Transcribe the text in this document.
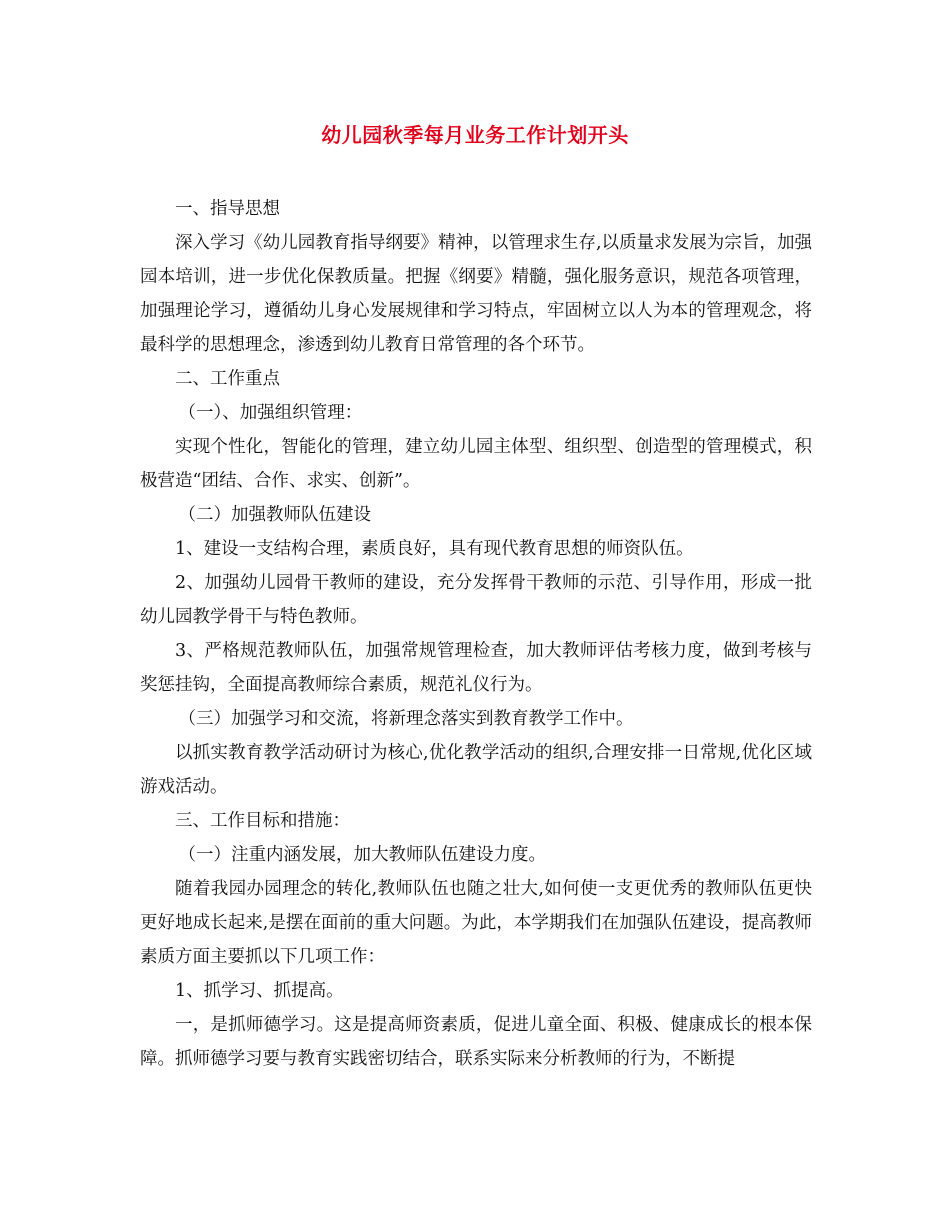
幼儿园秋季每月业务工作计划开头

一、指导思想

深入学习《幼儿园教育指导纲要》精神，以管理求生存,以质量求发展为宗旨，加强园本培训，进一步优化保教质量。把握《纲要》精髓，强化服务意识，规范各项管理，加强理论学习，遵循幼儿身心发展规律和学习特点，牢固树立以人为本的管理观念，将最科学的思想理念，渗透到幼儿教育日常管理的各个环节。

二、工作重点

（一）、加强组织管理：

实现个性化，智能化的管理，建立幼儿园主体型、组织型、创造型的管理模式，积极营造“团结、合作、求实、创新”。

（二）加强教师队伍建设

1、建设一支结构合理，素质良好，具有现代教育思想的师资队伍。

2、加强幼儿园骨干教师的建设，充分发挥骨干教师的示范、引导作用，形成一批幼儿园教学骨干与特色教师。

3、严格规范教师队伍，加强常规管理检查，加大教师评估考核力度，做到考核与奖惩挂钩，全面提高教师综合素质，规范礼仪行为。

（三）加强学习和交流，将新理念落实到教育教学工作中。

以抓实教育教学活动研讨为核心,优化教学活动的组织,合理安排一日常规,优化区域游戏活动。

三、工作目标和措施：

（一）注重内涵发展，加大教师队伍建设力度。

随着我园办园理念的转化,教师队伍也随之壮大,如何使一支更优秀的教师队伍更快更好地成长起来,是摆在面前的重大问题。为此，本学期我们在加强队伍建设，提高教师素质方面主要抓以下几项工作：

1、抓学习、抓提高。

一，是抓师德学习。这是提高师资素质，促进儿童全面、积极、健康成长的根本保障。抓师德学习要与教育实践密切结合，联系实际来分析教师的行为，不断提
